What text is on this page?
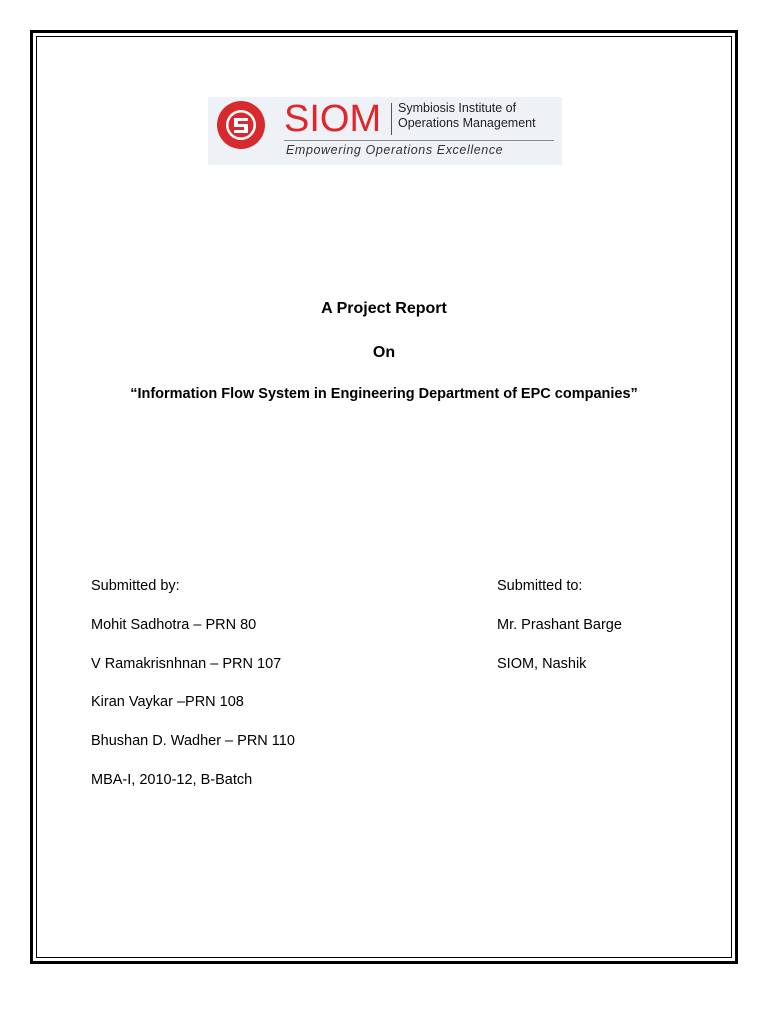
SIOM Symbiosis Institute of
Operations Management
Empowering Operations Excellence
A Project Report
On
“Information Flow System in Engineering Department of EPC companies”

Submitted by:

Mohit Sadhotra – PRN 80

V Ramakrisnhnan – PRN 107

Kiran Vaykar –PRN 108

Bhushan D. Wadher – PRN 110

MBA-I, 2010-12, B-Batch

Submitted to:

Mr. Prashant Barge

SIOM, Nashik
